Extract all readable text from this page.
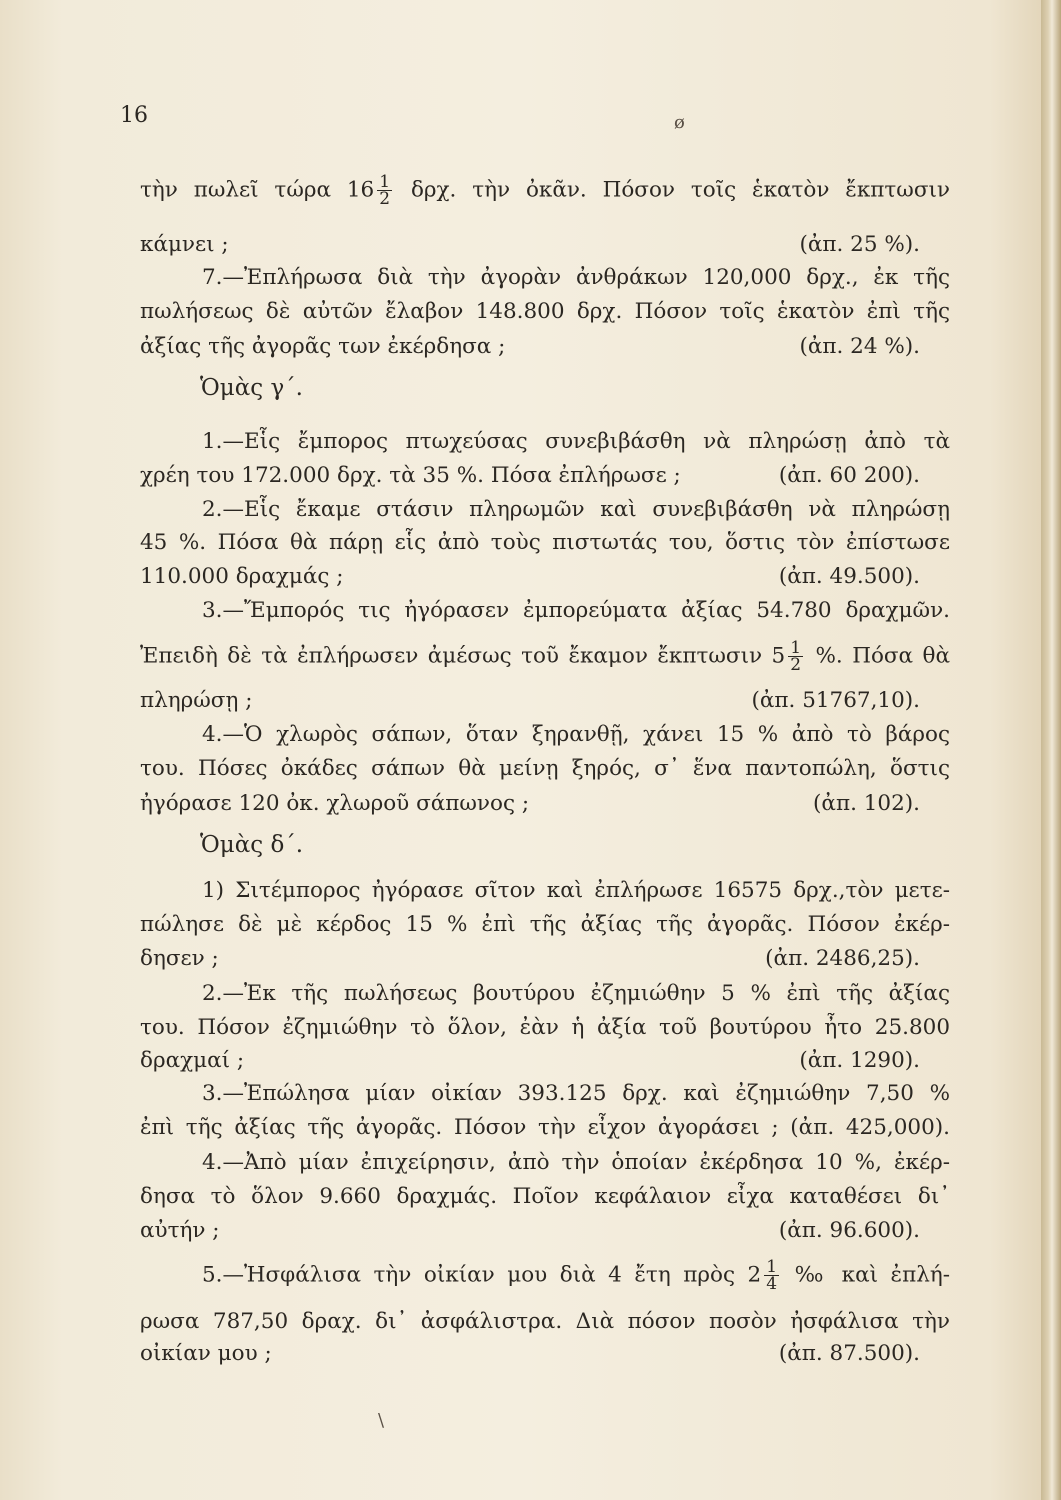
16	ø
τὴν πωλεῖ τώρα $16 \frac{1}{2} \delta\rho\chi$. τὴν ὀκᾶν. Πόσον τοῖς ἑκατὸν ἔκπτωσιν
κάμνει ;	(ἀπ. 25 %).
7.—Ἐπλήρωσα διὰ τὴν ἀγορὰν ἀνθράκων 120,000 δρχ., ἐκ τῆς
πωλήσεως δὲ αὐτῶν ἔλαβον 148.800 δρχ. Πόσον τοῖς ἑκατὸν ἐπὶ τῆς
ἀξίας τῆς ἀγορᾶς των ἐκέρδησα ;	(ἀπ. 24 %).
Ὁμὰς γ΄.
1.—Εἷς ἔμπορος πτωχεύσας συνεβιβάσθη νὰ πληρώσῃ ἀπὸ τὰ
χρέη του 172.000 δρχ. τὰ 35 %. Πόσα ἐπλήρωσε ;	(ἀπ. 60 200).
2.—Εἷς ἔκαμε στάσιν πληρωμῶν καὶ συνεβιβάσθη νὰ πληρώσῃ
45 %. Πόσα θὰ πάρῃ εἷς ἀπὸ τοὺς πιστωτάς του, ὅστις τὸν ἐπίστωσε
110.000 δραχμάς ;	(ἀπ. 49.500).
3.—Ἔμπορός τις ἠγόρασεν ἐμπορεύματα ἀξίας 54.780 δραχμῶν.
Ἐπειδὴ δὲ τὰ ἐπλήρωσεν ἀμέσως τοῦ ἔκαμον ἔκπτωσιν $5 \frac{1}{2}$ %. Πόσα θὰ
πληρώσῃ ;	(ἀπ. 51767,10).
4.—Ὁ χλωρὸς σάπων, ὅταν ξηρανθῇ, χάνει 15 % ἀπὸ τὸ βάρος
του. Πόσες ὀκάδες σάπων θὰ μείνῃ ξηρός, σ᾿ ἕνα παντοπώλη, ὅστις
ἠγόρασε 120 ὀκ. χλωροῦ σάπωνος ;	(ἀπ. 102).
Ὁμὰς δ΄.
1) Σιτέμπορος ἠγόρασε σῖτον καὶ ἐπλήρωσε 16575 δρχ.,τὸν μετε-
πώλησε δὲ μὲ κέρδος 15 % ἐπὶ τῆς ἀξίας τῆς ἀγορᾶς. Πόσον ἐκέρ-
δησεν ;	(ἀπ. 2486,25).
2.—Ἐκ τῆς πωλήσεως βουτύρου ἐζημιώθην 5 % ἐπὶ τῆς ἀξίας
του. Πόσον ἐζημιώθην τὸ ὅλον, ἐὰν ἡ ἀξία τοῦ βουτύρου ἦτο 25.800
δραχμαί ;	(ἀπ. 1290).
3.—Ἐπώλησα μίαν οἰκίαν 393.125 δρχ. καὶ ἐζημιώθην 7,50 %
ἐπὶ τῆς ἀξίας τῆς ἀγορᾶς. Πόσον τὴν εἶχον ἀγοράσει ; (ἀπ. 425,000).
4.—Ἀπὸ μίαν ἐπιχείρησιν, ἀπὸ τὴν ὁποίαν ἐκέρδησα 10 %, ἐκέρ-
δησα τὸ ὅλον 9.660 δραχμάς. Ποῖον κεφάλαιον εἶχα καταθέσει δι᾿
αὐτήν ;	(ἀπ. 96.600).
5.—Ἠσφάλισα τὴν οἰκίαν μου διὰ 4 ἔτη πρὸς $2 \frac{1}{4}$ ‰ καὶ ἐπλή-
ρωσα 787,50 δραχ. δι᾿ ἀσφάλιστρα. Διὰ πόσον ποσὸν ἠσφάλισα τὴν
οἰκίαν μου ;	(ἀπ. 87.500).
\
